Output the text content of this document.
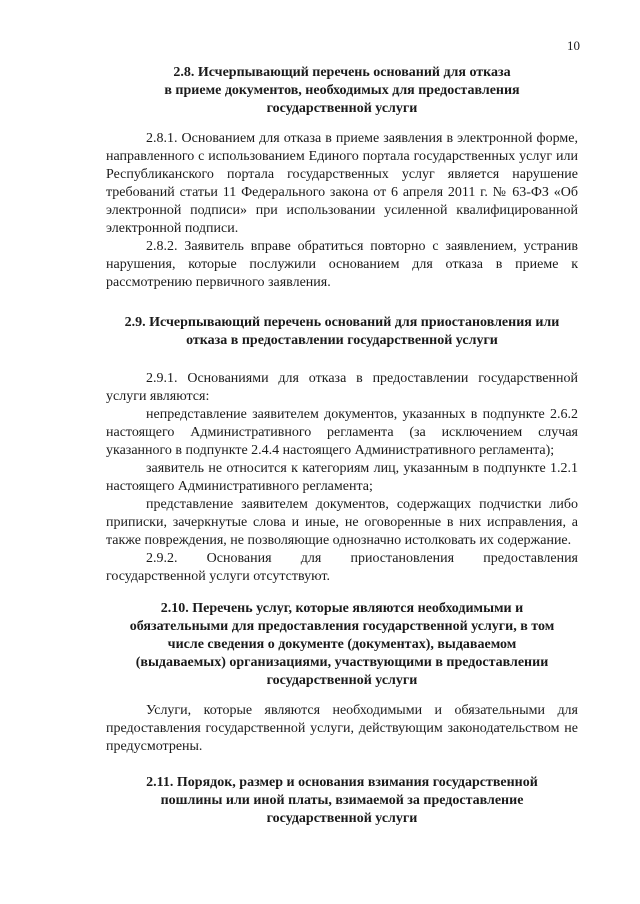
10
2.8. Исчерпывающий перечень оснований для отказа
в приеме документов, необходимых для предоставления
государственной услуги

2.8.1. Основанием для отказа в приеме заявления в электронной форме, направленного с использованием Единого портала государственных услуг или Республиканского портала государственных услуг является нарушение требований статьи 11 Федерального закона от 6 апреля 2011 г. № 63-ФЗ «Об электронной подписи» при использовании усиленной квалифицированной электронной подписи.

2.8.2. Заявитель вправе обратиться повторно с заявлением, устранив нарушения, которые послужили основанием для отказа в приеме к рассмотрению первичного заявления.

2.9. Исчерпывающий перечень оснований для приостановления или
отказа в предоставлении государственной услуги

2.9.1. Основаниями для отказа в предоставлении государственной услуги являются:

непредставление заявителем документов, указанных в подпункте 2.6.2 настоящего Административного регламента (за исключением случая указанного в подпункте 2.4.4 настоящего Административного регламента);

заявитель не относится к категориям лиц, указанным в подпункте 1.2.1 настоящего Административного регламента;

представление заявителем документов, содержащих подчистки либо приписки, зачеркнутые слова и иные, не оговоренные в них исправления, а также повреждения, не позволяющие однозначно истолковать их содержание.

2.9.2. Основания для приостановления предоставления государственной услуги отсутствуют.

2.10. Перечень услуг, которые являются необходимыми и
обязательными для предоставления государственной услуги, в том
числе сведения о документе (документах), выдаваемом
(выдаваемых) организациями, участвующими в предоставлении
государственной услуги

Услуги, которые являются необходимыми и обязательными для предоставления государственной услуги, действующим законодательством не предусмотрены.

2.11. Порядок, размер и основания взимания государственной
пошлины или иной платы, взимаемой за предоставление
государственной услуги
